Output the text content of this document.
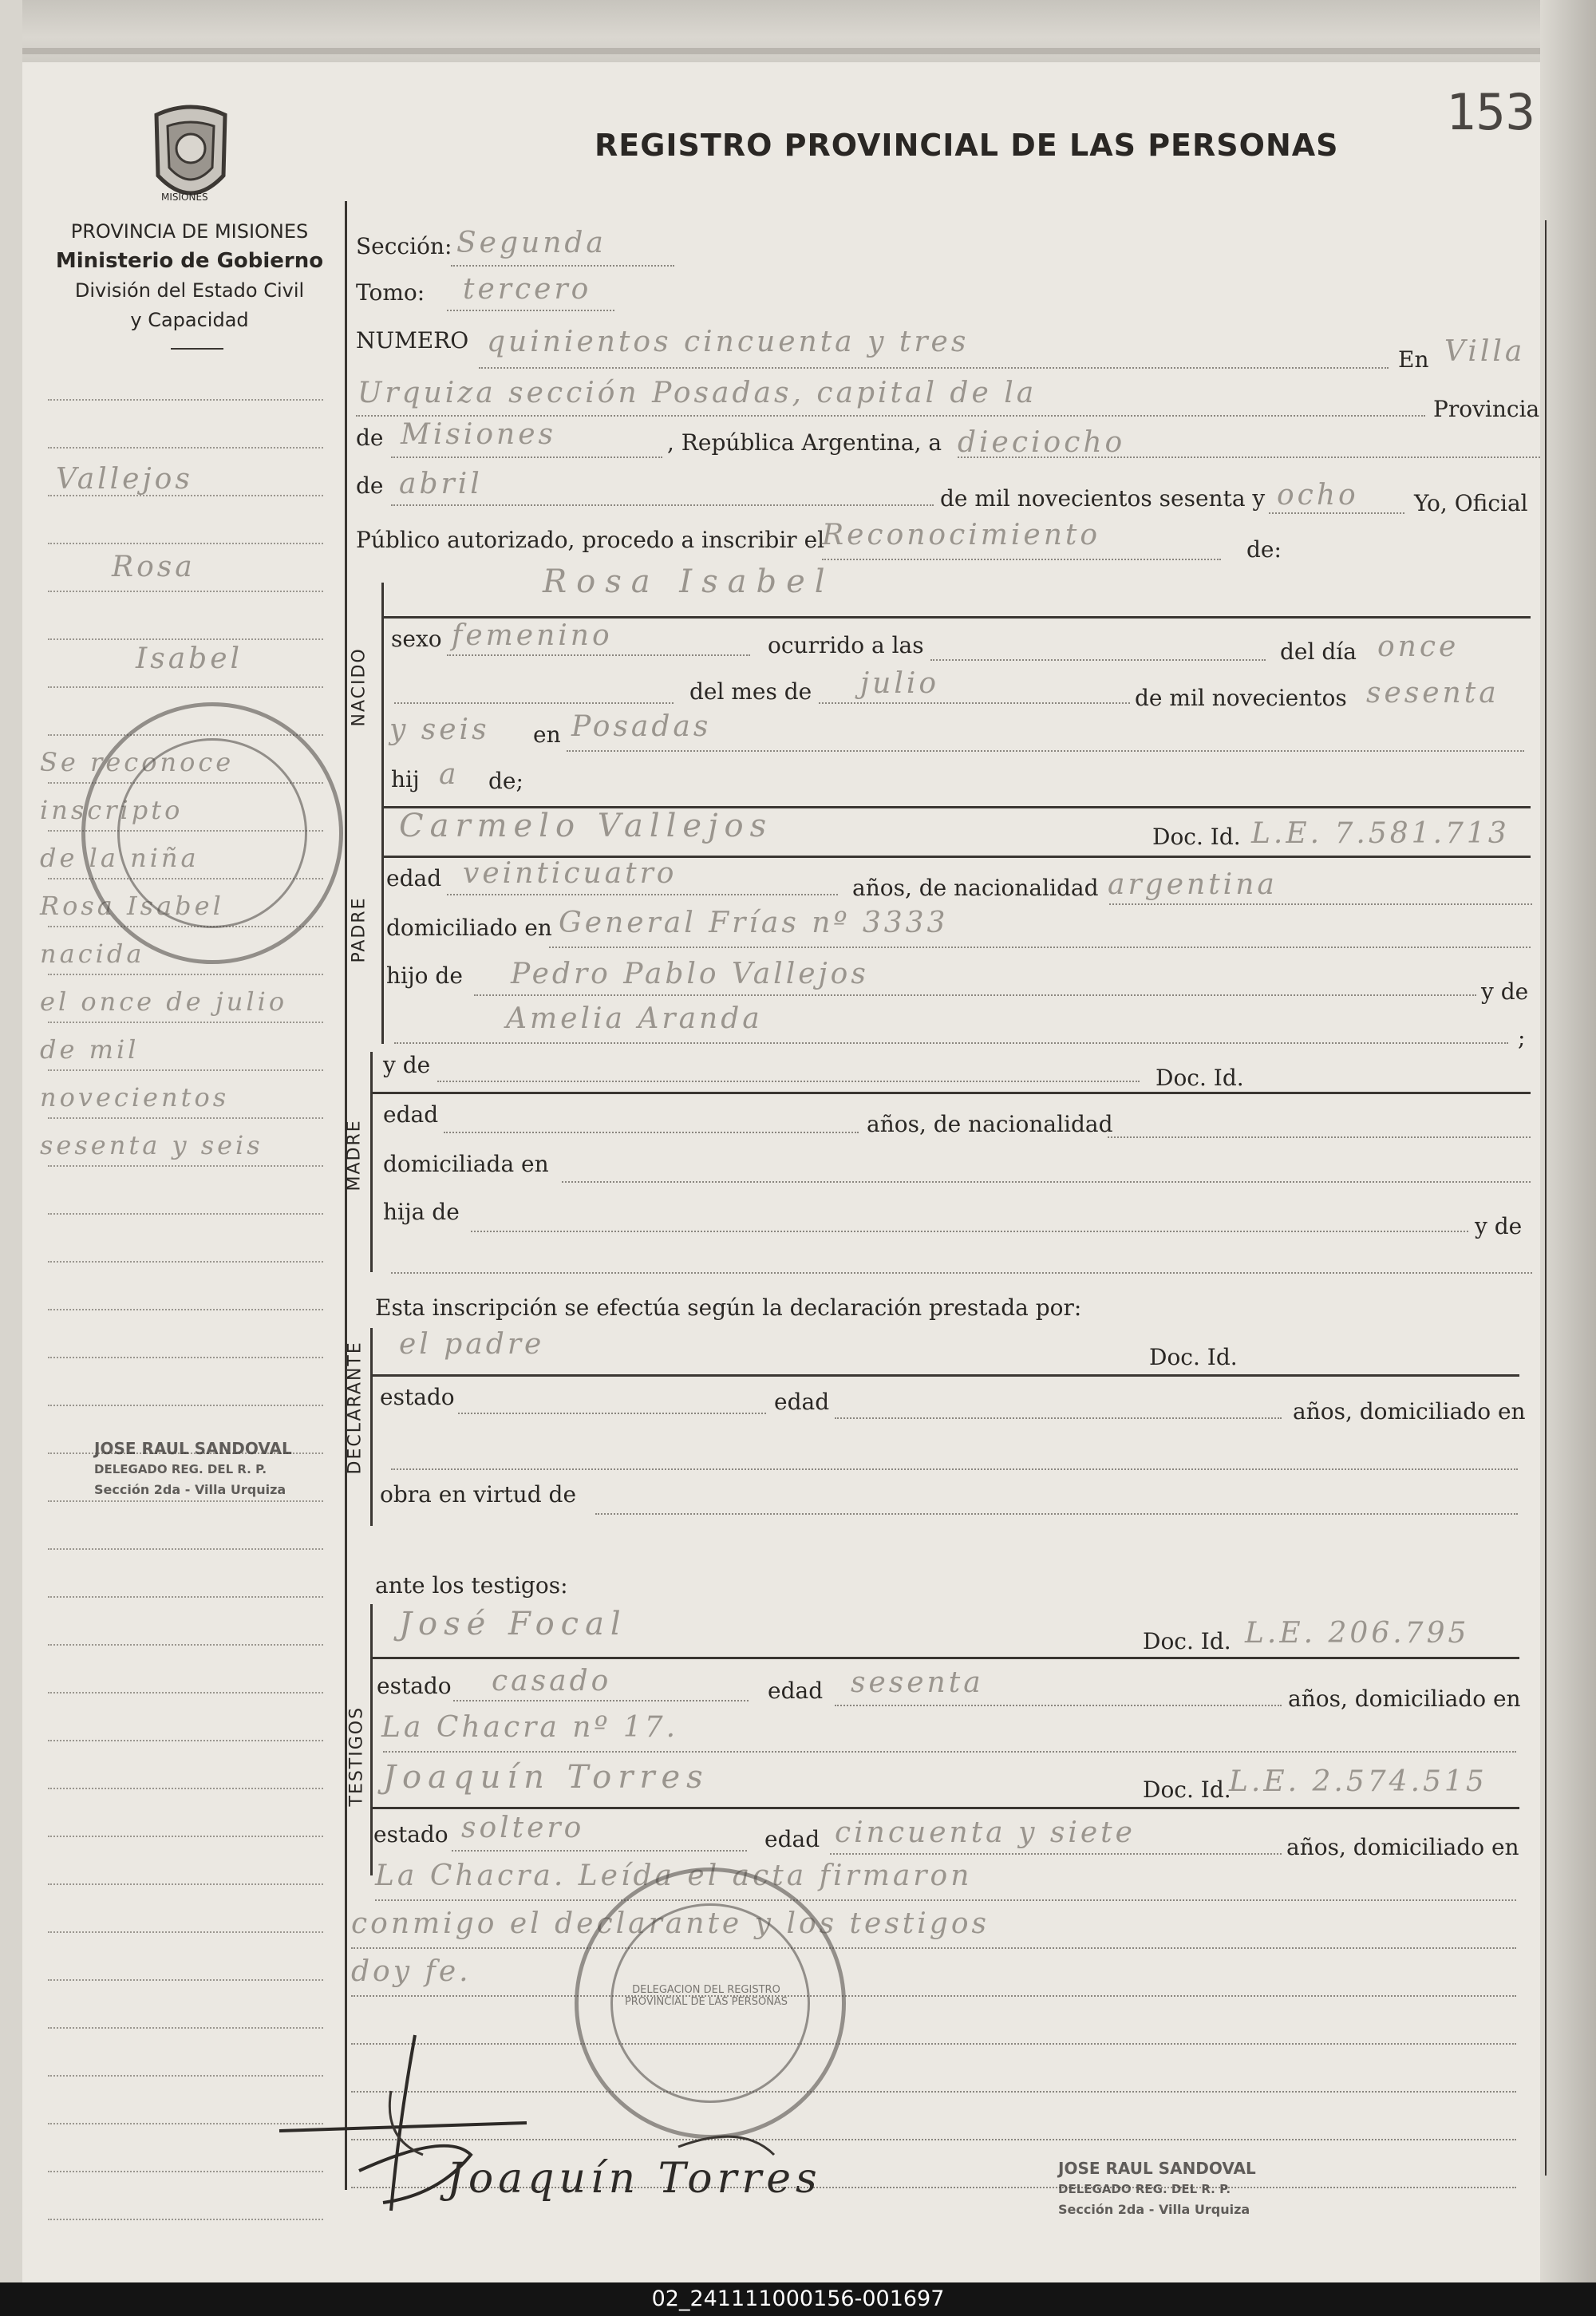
153
MISIONES
PROVINCIA DE MISIONES
Ministerio de Gobierno
División del Estado Civil
y Capacidad
REGISTRO PROVINCIAL DE LAS PERSONAS
Vallejos
Rosa
Isabel
Se reconoce
inscripto
de la niña
Rosa Isabel
nacida
el once de julio
de mil
novecientos
sesenta y seis
JOSE RAUL SANDOVAL
DELEGADO REG. DEL R. P.
Sección 2da - Villa Urquiza
Sección: Segunda
Tomo: tercero
NUMERO quinientos cincuenta y tres
En Villa
Urquiza sección Posadas, capital de la	Provincia
de Misiones	, República Argentina, a dieciocho
de abril	de mil novecientos sesenta y ocho Yo, Oficial
Público autorizado, procedo a inscribir el
Reconocimiento	de:
Rosa Isabel
NACIDO
sexo femenino	ocurrido a las	del día once
del mes de julio	de mil novecientos sesenta
y seis en Posadas
hij a de;
PADRE
Carmelo Vallejos	Doc. Id. L.E. 7.581.713
edad veinticuatro	años, de nacionalidad argentina
domiciliado en General Frías nº 3333
hijo de Pedro Pablo Vallejos
y de
Amelia Aranda
;
MADRE
y de	Doc. Id.
edad	años, de nacionalidad
domiciliada en
hija de
y de
Esta inscripción se efectúa según la declaración prestada por:
DECLARANTE el padre	Doc. Id.
estado	edad	años, domiciliado en
obra en virtud de
ante los testigos:
TESTIGOS
José Focal	Doc. Id. L.E. 206.795
estado casado	edad sesenta	años, domiciliado en
La Chacra nº 17.
Joaquín Torres	Doc. Id.
L.E. 2.574.515
estado soltero	edad cincuenta y siete	años, domiciliado en
La Chacra. Leída el acta firmaron
conmigo el declarante y los testigos
doy fe.
DELEGACION DEL REGISTRO PROVINCIAL DE LAS PERSONAS
Joaquín Torres	JOSE RAUL SANDOVAL
DELEGADO REG. DEL R. P.
Sección 2da - Villa Urquiza
02_241111000156-001697
